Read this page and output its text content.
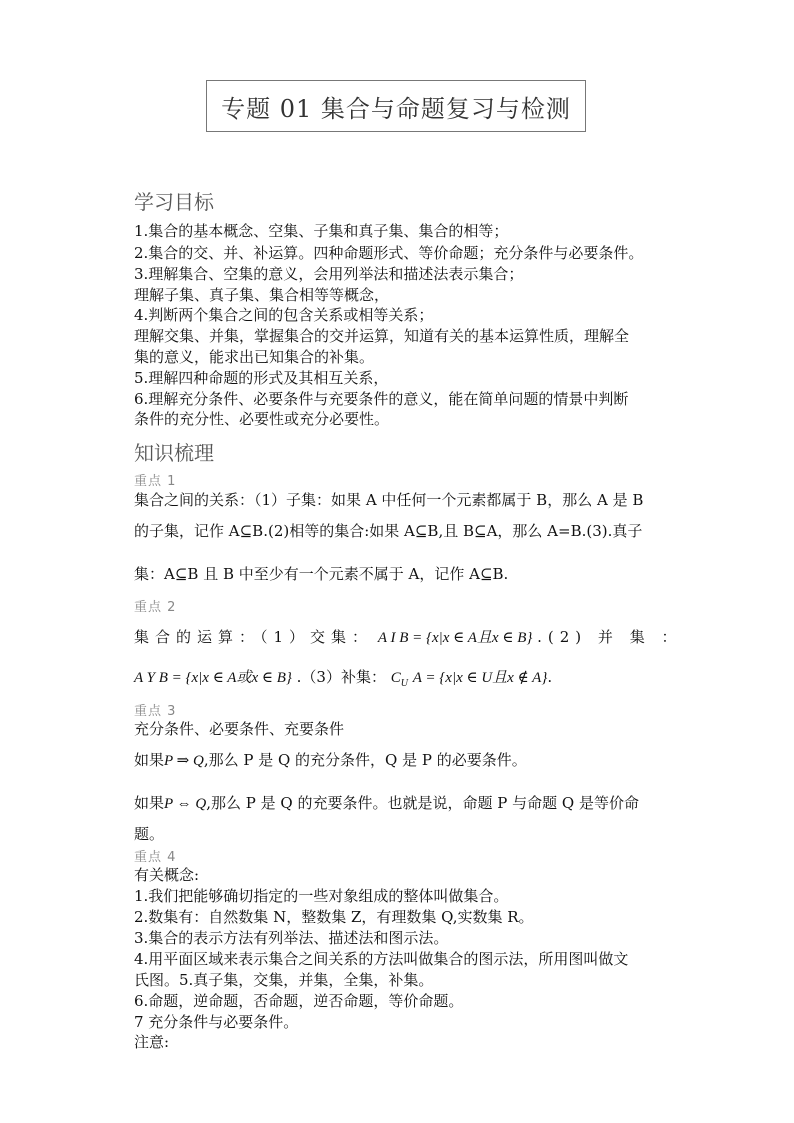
专题 01 集合与命题复习与检测
学习目标
1.集合的基本概念、空集、子集和真子集、集合的相等；
2.集合的交、并、补运算。四种命题形式、等价命题；充分条件与必要条件。
3.理解集合、空集的意义，会用列举法和描述法表示集合；
理解子集、真子集、集合相等等概念，
4.判断两个集合之间的包含关系或相等关系；
理解交集、并集，掌握集合的交并运算，知道有关的基本运算性质，理解全
集的意义，能求出已知集合的补集。
5.理解四种命题的形式及其相互关系，
6.理解充分条件、必要条件与充要条件的意义，能在简单问题的情景中判断
条件的充分性、必要性或充分必要性。
知识梳理
重点 1
集合之间的关系：（1）子集：如果 A 中任何一个元素都属于 B，那么 A 是 B
的子集，记作 A⊆B.(2)相等的集合:如果 A⊆B,且 B⊆A，那么 A=B.(3).真子
集：A⊆B 且 B 中至少有一个元素不属于 A，记作 A⊆B.
重点 2
集合的运算：（1）交集： A I B = {x|x ∈ A且x ∈ B} .(2) 并 集 ：
A Y B = {x|x ∈ A或x ∈ B} .（3）补集： $C_U$ A = {x|x ∈ U且x ∉ A}.
重点 3
充分条件、必要条件、充要条件
如果P ⇒ Q,那么 P 是 Q 的充分条件，Q 是 P 的必要条件。
如果P ⇔ Q,那么 P 是 Q 的充要条件。也就是说，命题 P 与命题 Q 是等价命
题。
重点 4
有关概念:
1.我们把能够确切指定的一些对象组成的整体叫做集合。
2.数集有：自然数集 N，整数集 Z，有理数集 Q,实数集 R。
3.集合的表示方法有列举法、描述法和图示法。
4.用平面区域来表示集合之间关系的方法叫做集合的图示法，所用图叫做文
氏图。5.真子集，交集，并集，全集，补集。
6.命题，逆命题，否命题，逆否命题，等价命题。
7 充分条件与必要条件。
注意:
